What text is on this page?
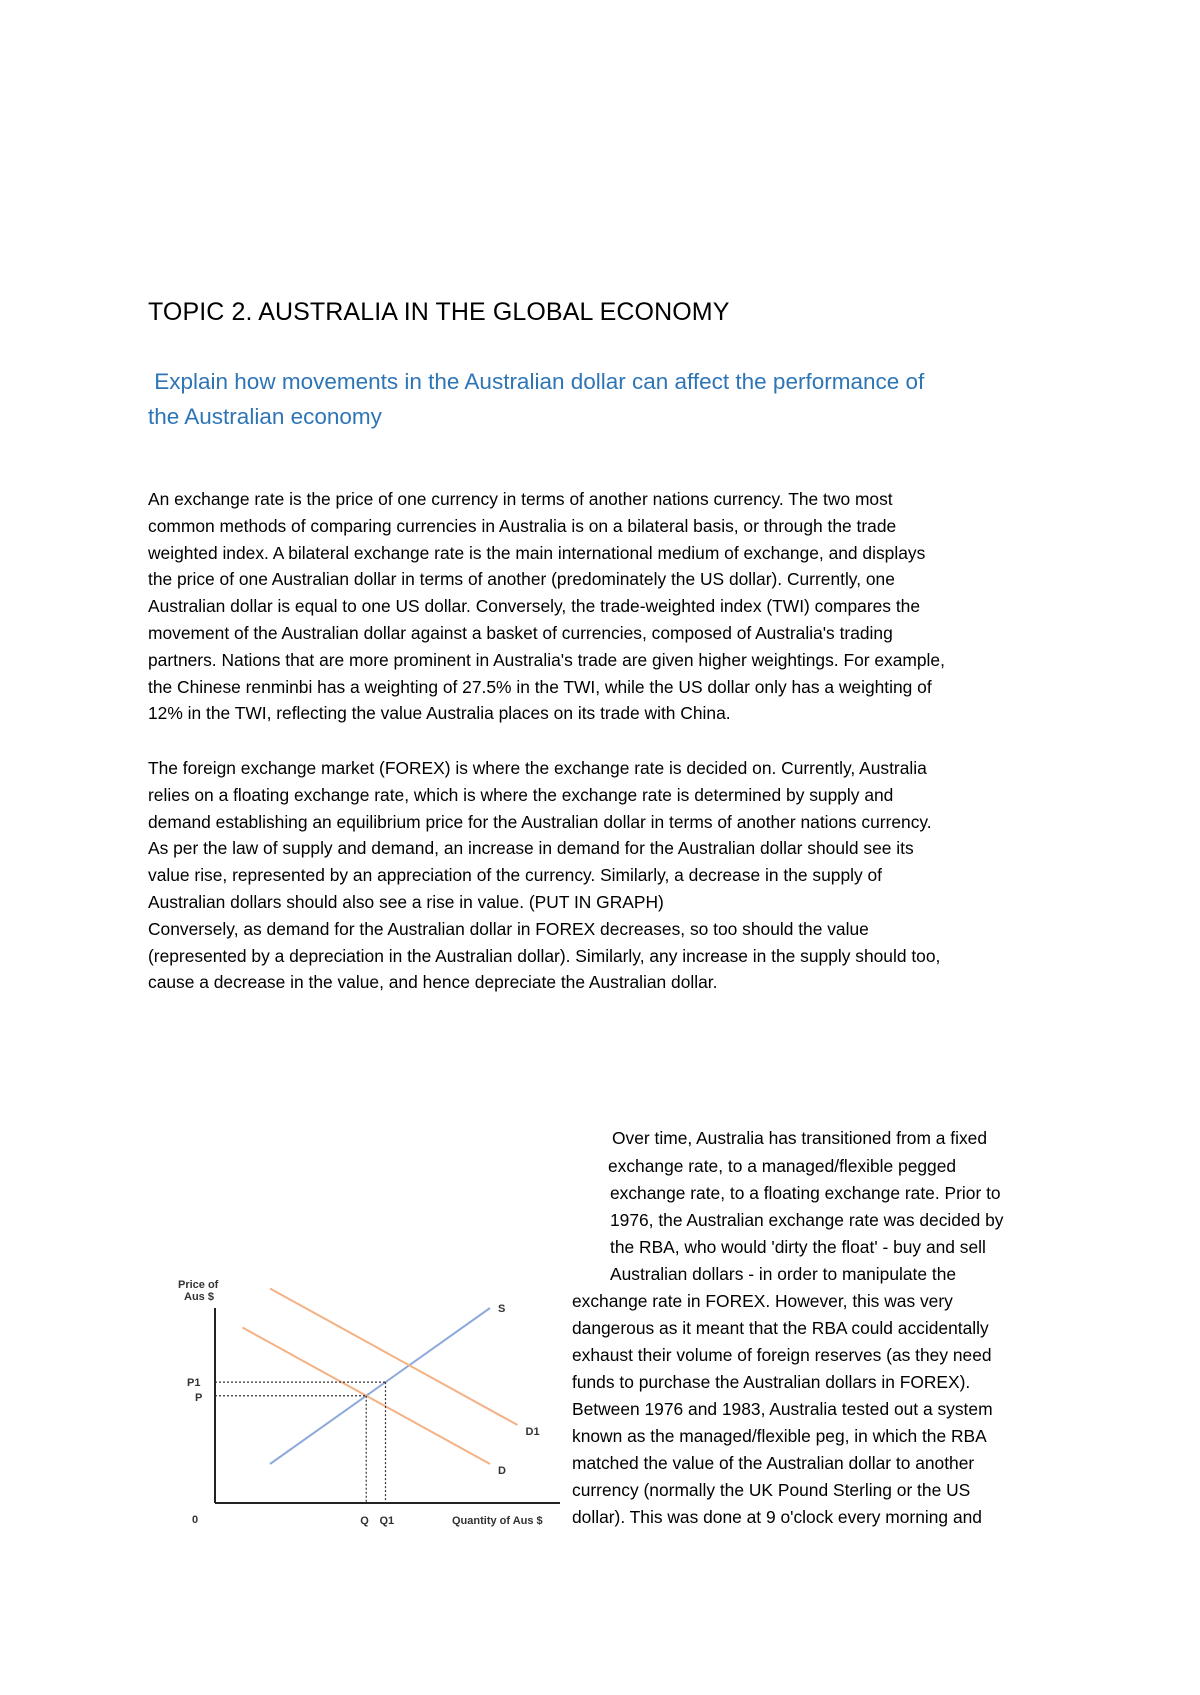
TOPIC 2. AUSTRALIA IN THE GLOBAL ECONOMY

Explain how movements in the Australian dollar can affect the performance of
the Australian economy

An exchange rate is the price of one currency in terms of another nations currency. The two most
common methods of comparing currencies in Australia is on a bilateral basis, or through the trade
weighted index. A bilateral exchange rate is the main international medium of exchange, and displays
the price of one Australian dollar in terms of another (predominately the US dollar). Currently, one
Australian dollar is equal to one US dollar. Conversely, the trade-weighted index (TWI) compares the
movement of the Australian dollar against a basket of currencies, composed of Australia's trading
partners. Nations that are more prominent in Australia's trade are given higher weightings. For example,
the Chinese renminbi has a weighting of 27.5% in the TWI, while the US dollar only has a weighting of
12% in the TWI, reflecting the value Australia places on its trade with China.

The foreign exchange market (FOREX) is where the exchange rate is decided on. Currently, Australia
relies on a floating exchange rate, which is where the exchange rate is determined by supply and
demand establishing an equilibrium price for the Australian dollar in terms of another nations currency.
As per the law of supply and demand, an increase in demand for the Australian dollar should see its
value rise, represented by an appreciation of the currency. Similarly, a decrease in the supply of
Australian dollars should also see a rise in value. (PUT IN GRAPH)
Conversely, as demand for the Australian dollar in FOREX decreases, so too should the value
(represented by a depreciation in the Australian dollar). Similarly, any increase in the supply should too,
cause a decrease in the value, and hence depreciate the Australian dollar.

Price of
Aus $
0	Quantity of Aus $
S
D
D1
P1
P
Q Q1
Over time, Australia has transitioned from a fixed
exchange rate, to a managed/flexible pegged
exchange rate, to a floating exchange rate. Prior to
1976, the Australian exchange rate was decided by
the RBA, who would 'dirty the float' - buy and sell
Australian dollars - in order to manipulate the
exchange rate in FOREX. However, this was very
dangerous as it meant that the RBA could accidentally
exhaust their volume of foreign reserves (as they need
funds to purchase the Australian dollars in FOREX).
Between 1976 and 1983, Australia tested out a system
known as the managed/flexible peg, in which the RBA
matched the value of the Australian dollar to another
currency (normally the UK Pound Sterling or the US
dollar). This was done at 9 o'clock every morning and
